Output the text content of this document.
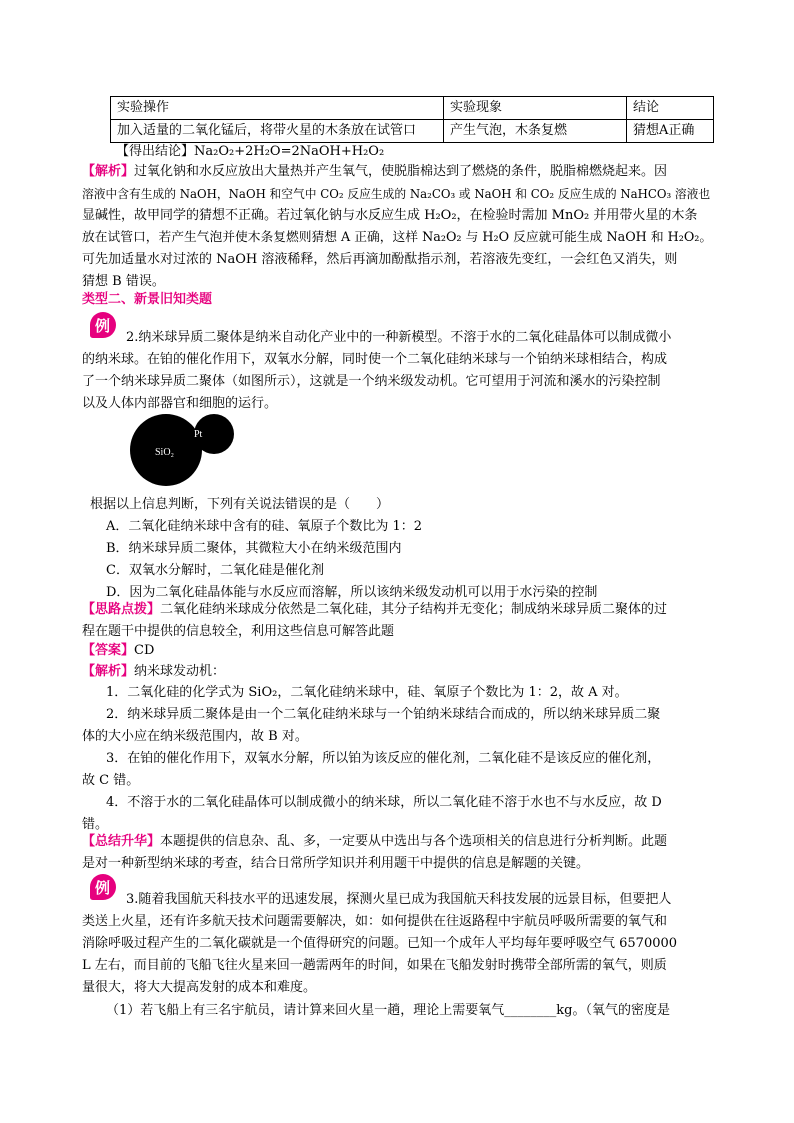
实验操作	实验现象	结论
加入适量的二氧化锰后，将带火星的木条放在试管口	产生气泡，木条复燃	猜想A正确
【得出结论】Na₂O₂+2H₂O=2NaOH+H₂O₂
【解析】过氧化钠和水反应放出大量热并产生氧气，使脱脂棉达到了燃烧的条件，脱脂棉燃烧起来。因
溶液中含有生成的 NaOH，NaOH 和空气中 CO₂ 反应生成的 Na₂CO₃ 或 NaOH 和 CO₂ 反应生成的 NaHCO₃ 溶液也
显碱性，故甲同学的猜想不正确。若过氧化钠与水反应生成 H₂O₂，在检验时需加 MnO₂ 并用带火星的木条
放在试管口，若产生气泡并使木条复燃则猜想 A 正确，这样 Na₂O₂ 与 H₂O 反应就可能生成 NaOH 和 H₂O₂。
可先加适量水对过浓的 NaOH 溶液稀释，然后再滴加酚酞指示剂，若溶液先变红，一会红色又消失，则
猜想 B 错误。
类型二、新景旧知类题
例
2.纳米球异质二聚体是纳米自动化产业中的一种新模型。不溶于水的二氧化硅晶体可以制成微小
的纳米球。在铂的催化作用下，双氧水分解，同时使一个二氧化硅纳米球与一个铂纳米球相结合，构成
了一个纳米球异质二聚体（如图所示），这就是一个纳米级发动机。它可望用于河流和溪水的污染控制
以及人体内部器官和细胞的运行。
SiO₂
Pt
根据以上信息判断，下列有关说法错误的是（　　）
A．二氧化硅纳米球中含有的硅、氧原子个数比为 1：2
B．纳米球异质二聚体，其微粒大小在纳米级范围内
C．双氧水分解时，二氧化硅是催化剂
D．因为二氧化硅晶体能与水反应而溶解，所以该纳米级发动机可以用于水污染的控制
【思路点拨】二氧化硅纳米球成分依然是二氧化硅，其分子结构并无变化；制成纳米球异质二聚体的过
程在题干中提供的信息较全，利用这些信息可解答此题
【答案】CD
【解析】纳米球发动机：
1．二氧化硅的化学式为 SiO₂，二氧化硅纳米球中，硅、氧原子个数比为 1：2，故 A 对。
2．纳米球异质二聚体是由一个二氧化硅纳米球与一个铂纳米球结合而成的，所以纳米球异质二聚
体的大小应在纳米级范围内，故 B 对。
3．在铂的催化作用下，双氧水分解，所以铂为该反应的催化剂，二氧化硅不是该反应的催化剂，
故 C 错。
4．不溶于水的二氧化硅晶体可以制成微小的纳米球，所以二氧化硅不溶于水也不与水反应，故 D
错。
【总结升华】本题提供的信息杂、乱、多，一定要从中选出与各个选项相关的信息进行分析判断。此题
是对一种新型纳米球的考查，结合日常所学知识并利用题干中提供的信息是解题的关键。
例
3.随着我国航天科技水平的迅速发展，探测火星已成为我国航天科技发展的远景目标，但要把人
类送上火星，还有许多航天技术问题需要解决，如：如何提供在往返路程中宇航员呼吸所需要的氧气和
消除呼吸过程产生的二氧化碳就是一个值得研究的问题。已知一个成年人平均每年要呼吸空气 6570000
L 左右，而目前的飞船飞往火星来回一趟需两年的时间，如果在飞船发射时携带全部所需的氧气，则质
量很大，将大大提高发射的成本和难度。
（1）若飞船上有三名宇航员，请计算来回火星一趟，理论上需要氧气________kg。（氧气的密度是
